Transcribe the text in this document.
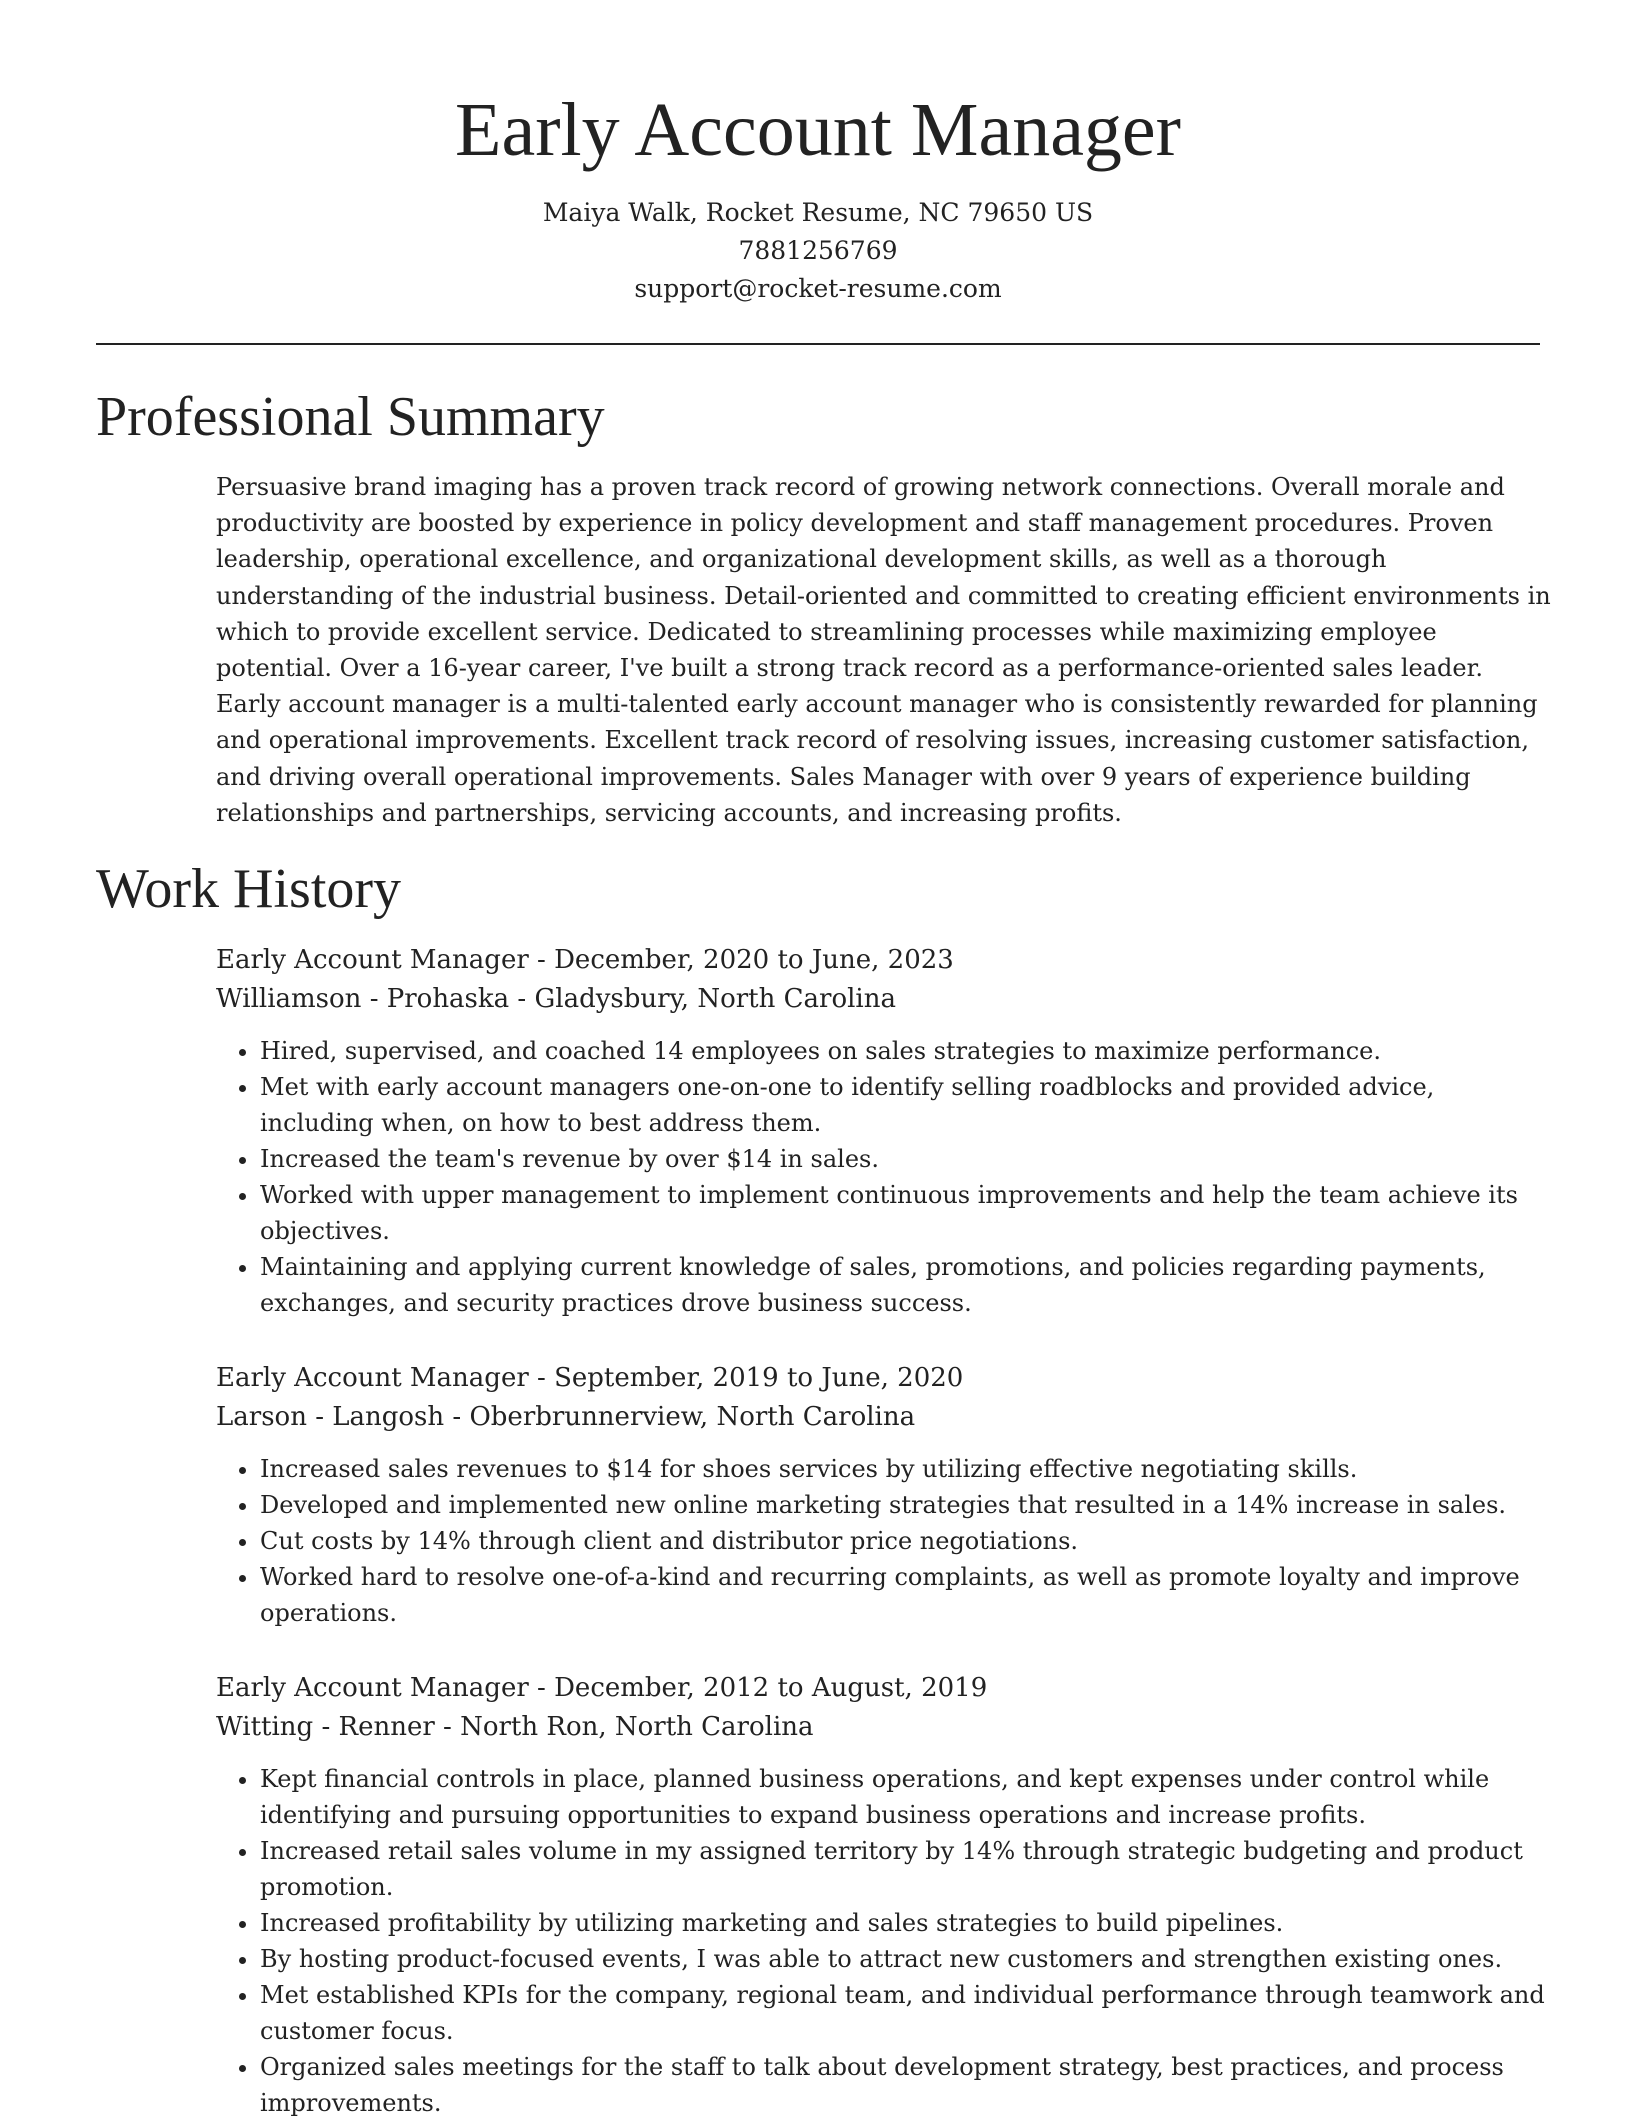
Early Account Manager
Maiya Walk, Rocket Resume, NC 79650 US
7881256769
support@rocket-resume.com
Professional Summary
Persuasive brand imaging has a proven track record of growing network connections. Overall morale and productivity are boosted by experience in policy development and staff management procedures. Proven leadership, operational excellence, and organizational development skills, as well as a thorough understanding of the industrial business. Detail-oriented and committed to creating efficient environments in which to provide excellent service. Dedicated to streamlining processes while maximizing employee potential. Over a 16-year career, I've built a strong track record as a performance-oriented sales leader. Early account manager is a multi-talented early account manager who is consistently rewarded for planning and operational improvements. Excellent track record of resolving issues, increasing customer satisfaction, and driving overall operational improvements. Sales Manager with over 9 years of experience building relationships and partnerships, servicing accounts, and increasing profits.
Work History
Early Account Manager - December, 2020 to June, 2023
Williamson - Prohaska - Gladysbury, North Carolina
• Hired, supervised, and coached 14 employees on sales strategies to maximize performance.
• Met with early account managers one-on-one to identify selling roadblocks and provided advice, including when, on how to best address them.
• Increased the team's revenue by over $14 in sales.
• Worked with upper management to implement continuous improvements and help the team achieve its objectives.
• Maintaining and applying current knowledge of sales, promotions, and policies regarding payments, exchanges, and security practices drove business success.
Early Account Manager - September, 2019 to June, 2020
Larson - Langosh - Oberbrunnerview, North Carolina
• Increased sales revenues to $14 for shoes services by utilizing effective negotiating skills.
• Developed and implemented new online marketing strategies that resulted in a 14% increase in sales.
• Cut costs by 14% through client and distributor price negotiations.
• Worked hard to resolve one-of-a-kind and recurring complaints, as well as promote loyalty and improve operations.
Early Account Manager - December, 2012 to August, 2019
Witting - Renner - North Ron, North Carolina
• Kept financial controls in place, planned business operations, and kept expenses under control while identifying and pursuing opportunities to expand business operations and increase profits.
• Increased retail sales volume in my assigned territory by 14% through strategic budgeting and product promotion.
• Increased profitability by utilizing marketing and sales strategies to build pipelines.
• By hosting product-focused events, I was able to attract new customers and strengthen existing ones.
• Met established KPIs for the company, regional team, and individual performance through teamwork and customer focus.
• Organized sales meetings for the staff to talk about development strategy, best practices, and process improvements.
